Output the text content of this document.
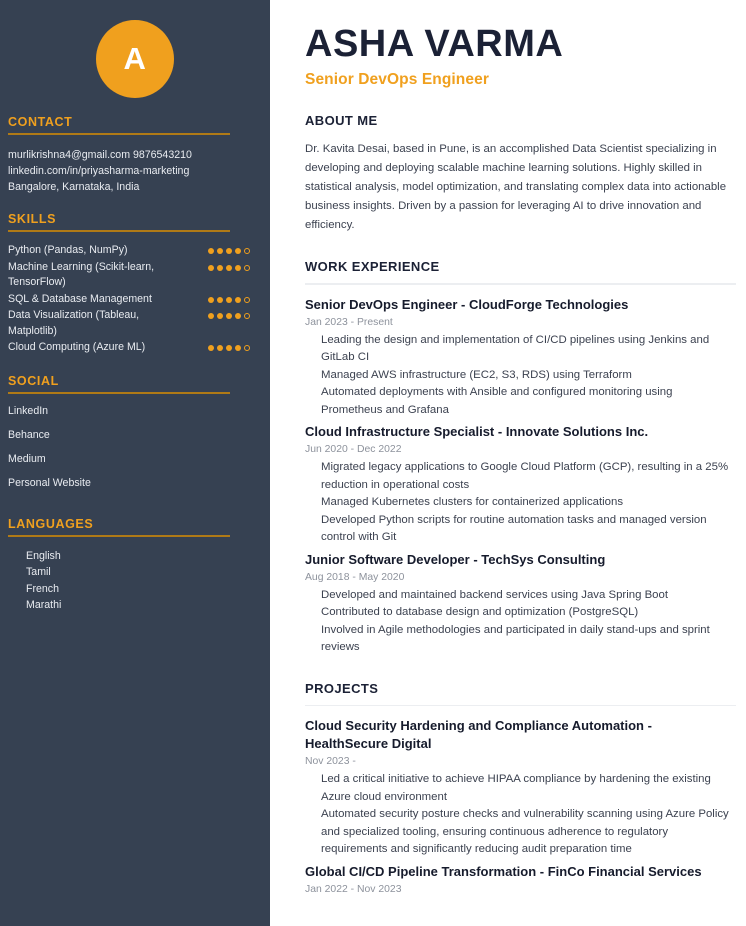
A
CONTACT
murlikrishna4@gmail.com 9876543210 linkedin.com/in/priyasharma-marketing Bangalore, Karnataka, India
SKILLS
Python (Pandas, NumPy)
Machine Learning (Scikit-learn, TensorFlow)
SQL & Database Management
Data Visualization (Tableau, Matplotlib)
Cloud Computing (Azure ML)
SOCIAL
LinkedIn
Behance
Medium
Personal Website
LANGUAGES
English
Tamil
French
Marathi
ASHA VARMA
Senior DevOps Engineer
ABOUT ME

Dr. Kavita Desai, based in Pune, is an accomplished Data Scientist specializing in developing and deploying scalable machine learning solutions. Highly skilled in statistical analysis, model optimization, and translating complex data into actionable business insights. Driven by a passion for leveraging AI to drive innovation and efficiency.

WORK EXPERIENCE
Senior DevOps Engineer - CloudForge Technologies
Jan 2023 - Present
Leading the design and implementation of CI/CD pipelines using Jenkins and GitLab CI
Managed AWS infrastructure (EC2, S3, RDS) using Terraform
Automated deployments with Ansible and configured monitoring using Prometheus and Grafana
Cloud Infrastructure Specialist - Innovate Solutions Inc.
Jun 2020 - Dec 2022
Migrated legacy applications to Google Cloud Platform (GCP), resulting in a 25% reduction in operational costs
Managed Kubernetes clusters for containerized applications
Developed Python scripts for routine automation tasks and managed version control with Git
Junior Software Developer - TechSys Consulting
Aug 2018 - May 2020
Developed and maintained backend services using Java Spring Boot
Contributed to database design and optimization (PostgreSQL)
Involved in Agile methodologies and participated in daily stand-ups and sprint reviews
PROJECTS
Cloud Security Hardening and Compliance Automation - HealthSecure Digital
Nov 2023 -
Led a critical initiative to achieve HIPAA compliance by hardening the existing Azure cloud environment
Automated security posture checks and vulnerability scanning using Azure Policy and specialized tooling, ensuring continuous adherence to regulatory requirements and significantly reducing audit preparation time
Global CI/CD Pipeline Transformation - FinCo Financial Services
Jan 2022 - Nov 2023
